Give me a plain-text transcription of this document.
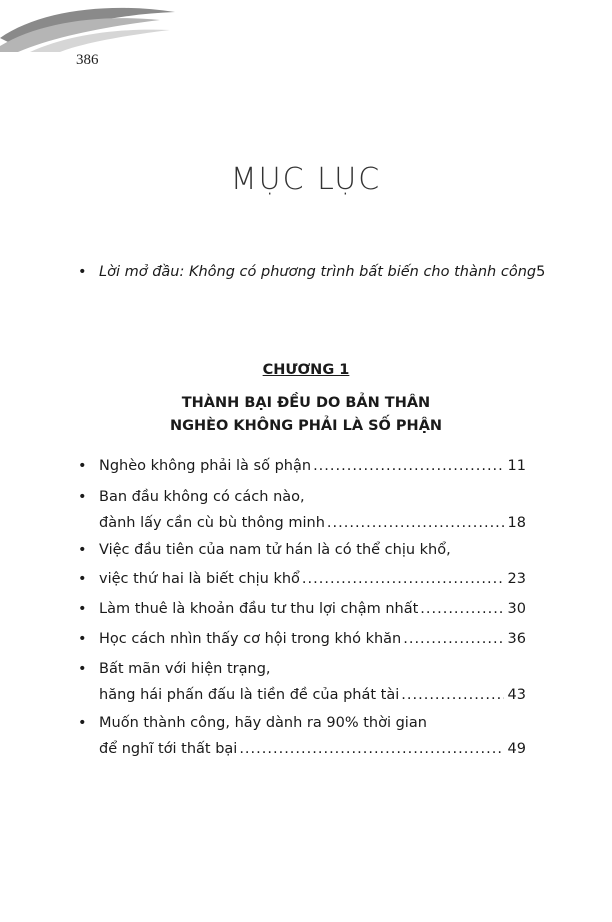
386
MỤC LỤC
• Lời mở đầu: Không có phương trình bất biến cho thành công5
CHƯƠNG 1
THÀNH BẠI ĐỀU DO BẢN THÂN
NGHÈO KHÔNG PHẢI LÀ SỐ PHẬN
• Nghèo không phải là số phận .....	11
• Ban đầu không có cách nào,
đành lấy cần cù bù thông minh .....	18
• Việc đầu tiên của nam tử hán là có thể chịu khổ,
• việc thứ hai là biết chịu khổ .....	23
• Làm thuê là khoản đầu tư thu lợi chậm nhất .....	30
• Học cách nhìn thấy cơ hội trong khó khăn .....	36
• Bất mãn với hiện trạng,
hăng hái phấn đấu là tiền đề của phát tài .....	43
• Muốn thành công, hãy dành ra 90% thời gian
để nghĩ tới thất bại .....	49
